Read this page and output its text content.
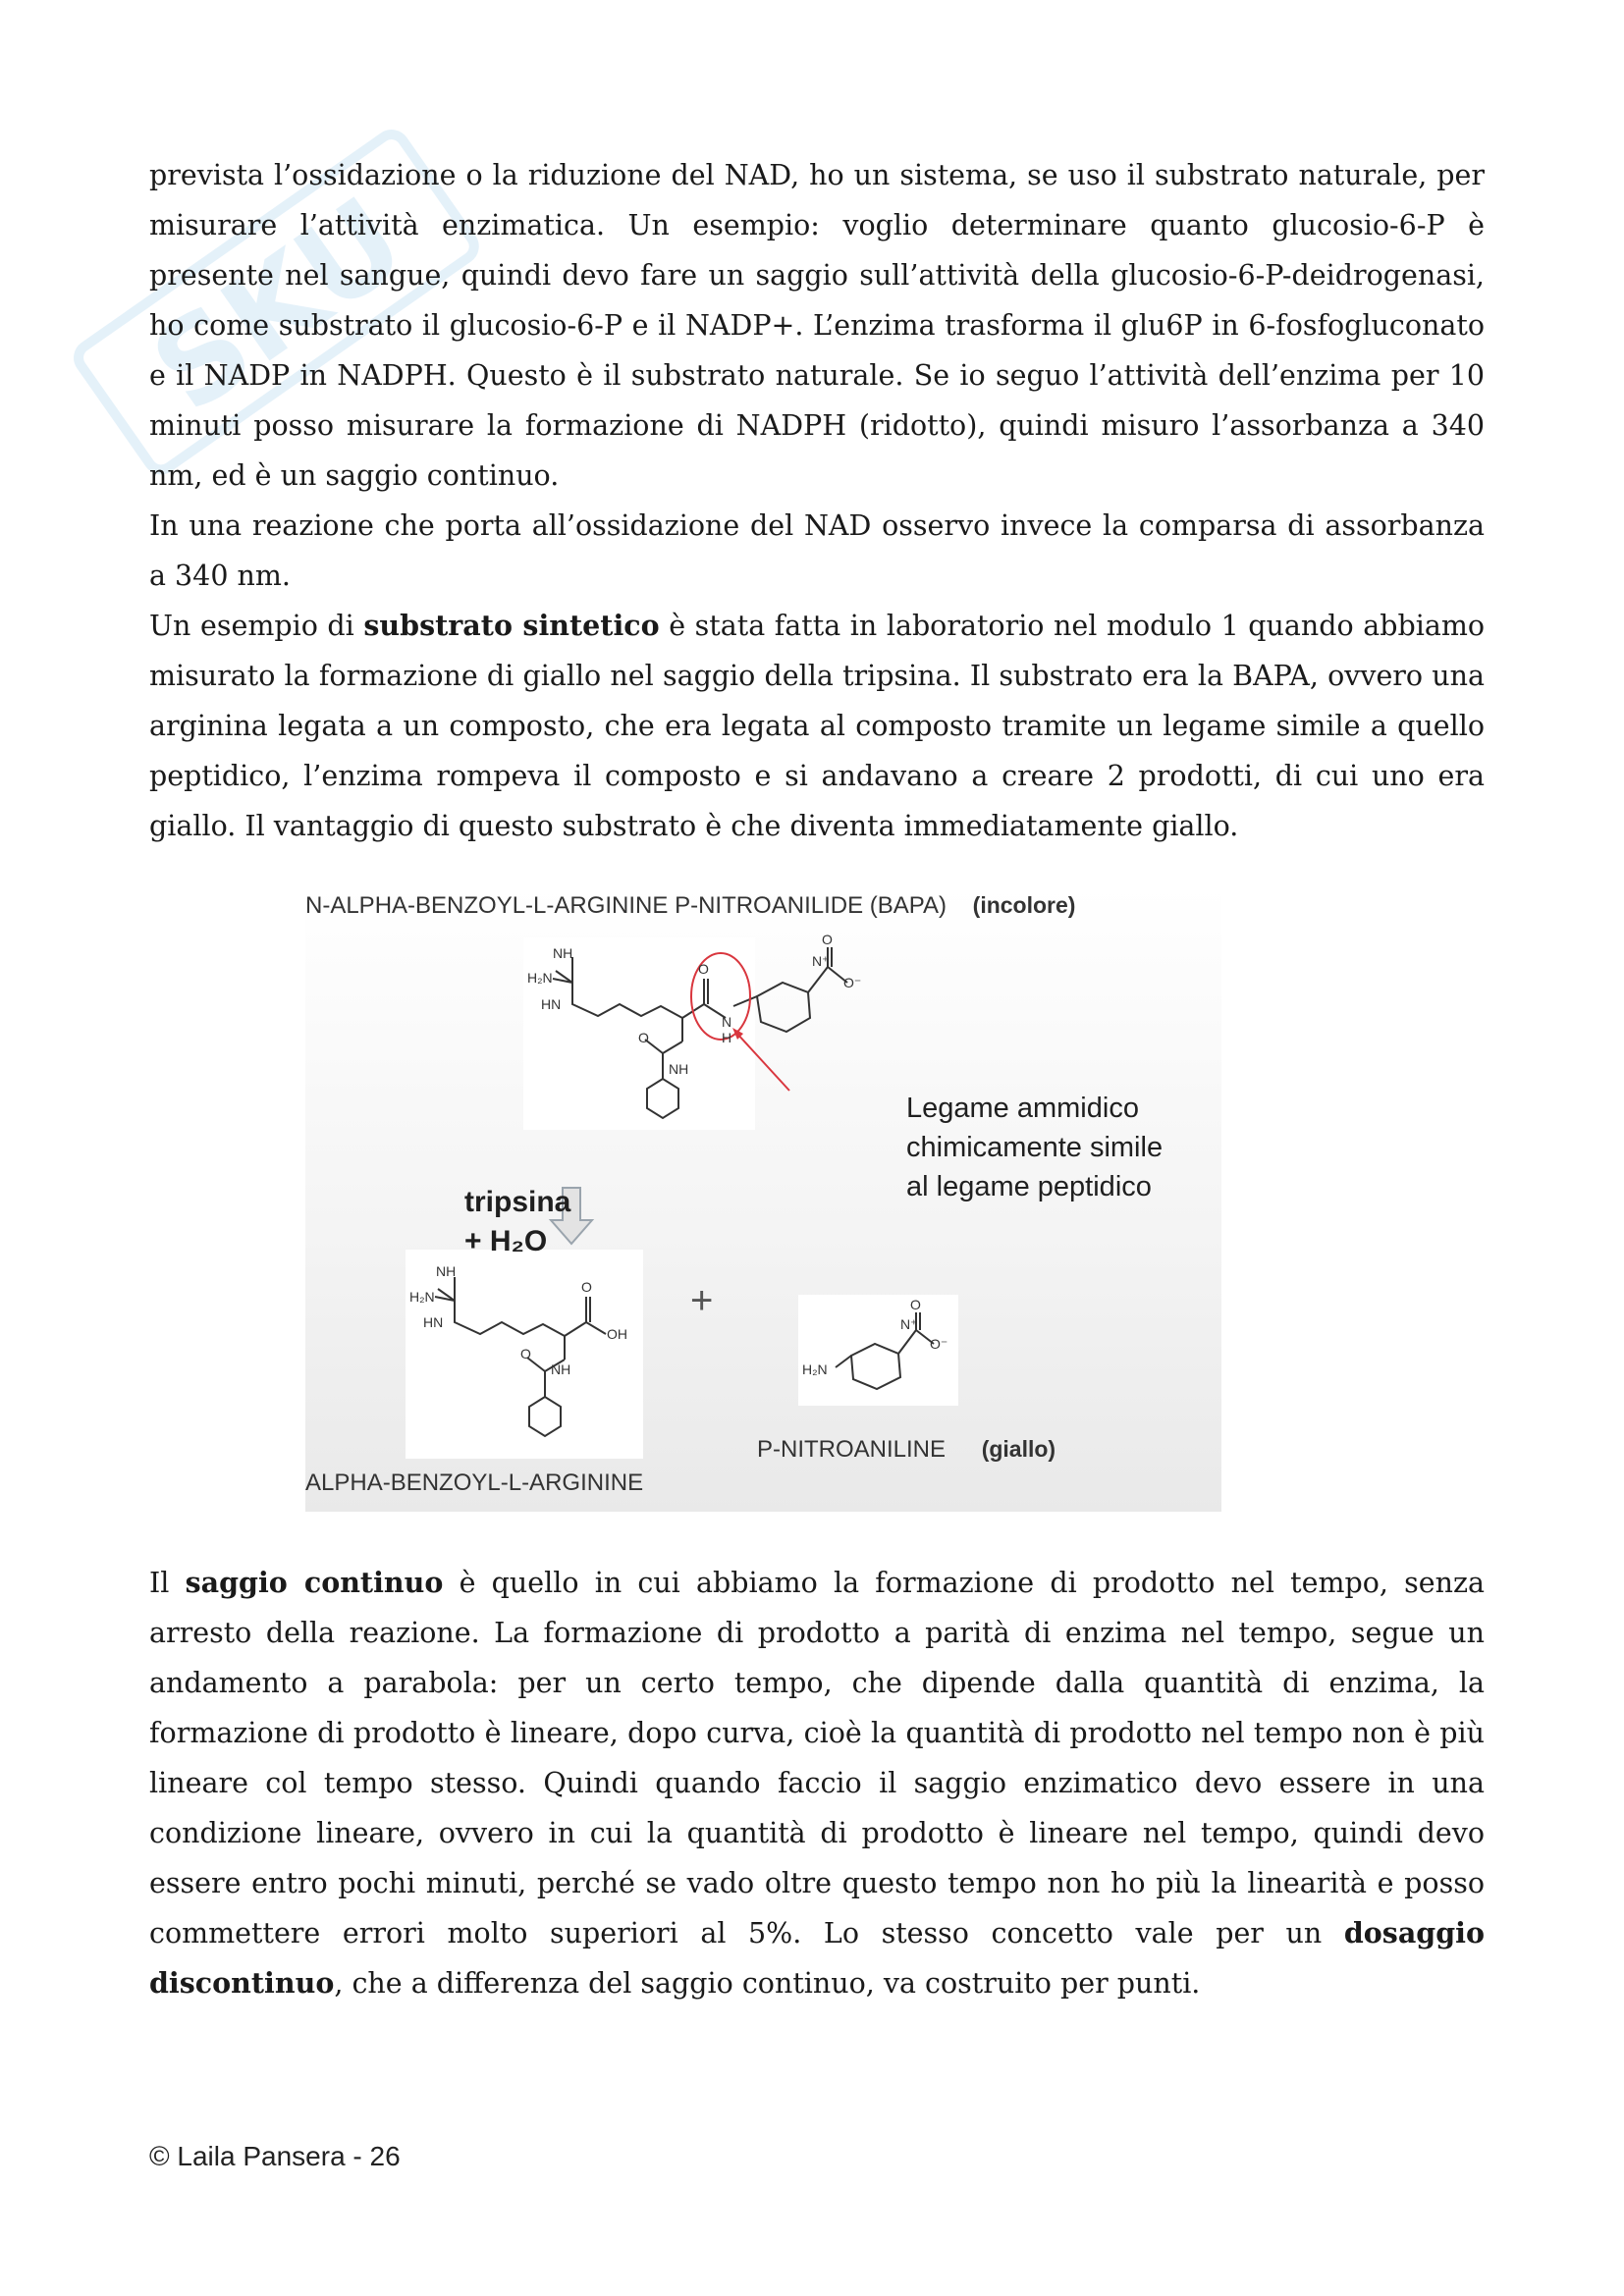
SKU

prevista l’ossidazione o la riduzione del NAD, ho un sistema, se uso il substrato naturale, per misurare l’attività enzimatica. Un esempio: voglio determinare quanto glucosio-6-P è presente nel sangue, quindi devo fare un saggio sull’attività della glucosio-6-P-deidrogenasi, ho come substrato il glucosio-6-P e il NADP+. L’enzima trasforma il glu6P in 6-fosfogluconato e il NADP in NADPH. Questo è il substrato naturale. Se io seguo l’attività dell’enzima per 10 minuti posso misurare la formazione di NADPH (ridotto), quindi misuro l’assorbanza a 340 nm, ed è un saggio continuo.

In una reazione che porta all’ossidazione del NAD osservo invece la comparsa di assorbanza a 340 nm.

Un esempio di substrato sintetico è stata fatta in laboratorio nel modulo 1 quando abbiamo misurato la formazione di giallo nel saggio della tripsina. Il substrato era la BAPA, ovvero una arginina legata a un composto, che era legata al composto tramite un legame simile a quello peptidico, l’enzima rompeva il composto e si andavano a creare 2 prodotti, di cui uno era giallo. Il vantaggio di questo substrato è che diventa immediatamente giallo.

N-ALPHA-BENZOYL-L-ARGININE P-NITROANILIDE (BAPA) (incolore)
NH
H₂N
HN
O
N
H
O
NH
O
O⁻
N⁺
Legame ammidico
chimicamente simile
al legame peptidico
tripsina
+ H₂O
NH
H₂N
HN
O
OH
O
NH
+
H₂N
O
N⁺
O⁻
ALPHA-BENZOYL-L-ARGININE
P-NITROANILINE (giallo)

Il saggio continuo è quello in cui abbiamo la formazione di prodotto nel tempo, senza arresto della reazione. La formazione di prodotto a parità di enzima nel tempo, segue un andamento a parabola: per un certo tempo, che dipende dalla quantità di enzima, la formazione di prodotto è lineare, dopo curva, cioè la quantità di prodotto nel tempo non è più lineare col tempo stesso. Quindi quando faccio il saggio enzimatico devo essere in una condizione lineare, ovvero in cui la quantità di prodotto è lineare nel tempo, quindi devo essere entro pochi minuti, perché se vado oltre questo tempo non ho più la linearità e posso commettere errori molto superiori al 5%. Lo stesso concetto vale per un dosaggio discontinuo, che a differenza del saggio continuo, va costruito per punti.

© Laila Pansera - 26
